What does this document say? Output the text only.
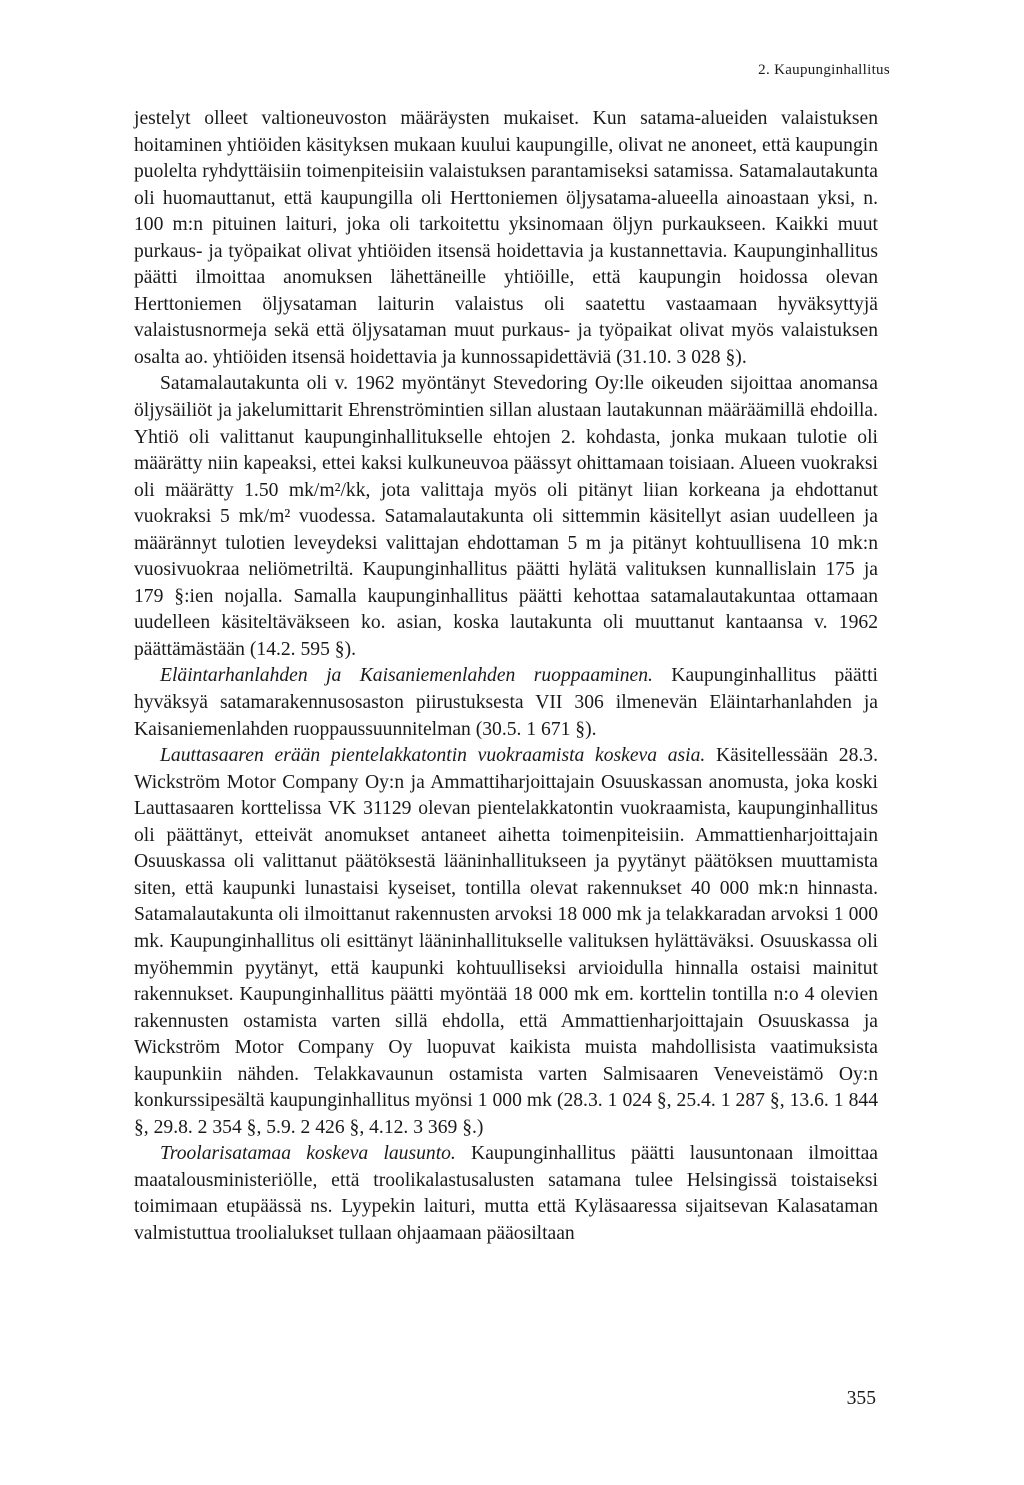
2. Kaupunginhallitus

jestelyt olleet valtioneuvoston määräysten mukaiset. Kun satama-alueiden valaistuksen hoitaminen yhtiöiden käsityksen mukaan kuului kaupungille, olivat ne anoneet, että kaupungin puolelta ryhdyttäisiin toimenpiteisiin valaistuksen parantamiseksi satamissa. Satamalautakunta oli huomauttanut, että kaupungilla oli Herttoniemen öljysatama-alueella ainoastaan yksi, n. 100 m:n pituinen laituri, joka oli tarkoitettu yksinomaan öljyn purkaukseen. Kaikki muut purkaus- ja työpaikat olivat yhtiöiden itsensä hoidettavia ja kustannettavia. Kaupunginhallitus päätti ilmoittaa anomuksen lähettäneille yhtiöille, että kaupungin hoidossa olevan Herttoniemen öljysataman laiturin valaistus oli saatettu vastaamaan hyväksyttyjä valaistusnormeja sekä että öljysataman muut purkaus- ja työpaikat olivat myös valaistuksen osalta ao. yhtiöiden itsensä hoidettavia ja kunnossapidettäviä (31.10. 3 028 §).

Satamalautakunta oli v. 1962 myöntänyt Stevedoring Oy:lle oikeuden sijoittaa anomansa öljysäiliöt ja jakelumittarit Ehrenströmintien sillan alustaan lautakunnan määräämillä ehdoilla. Yhtiö oli valittanut kaupunginhallitukselle ehtojen 2. kohdasta, jonka mukaan tulotie oli määrätty niin kapeaksi, ettei kaksi kulkuneuvoa päässyt ohittamaan toisiaan. Alueen vuokraksi oli määrätty 1.50 mk/m²/kk, jota valittaja myös oli pitänyt liian korkeana ja ehdottanut vuokraksi 5 mk/m² vuodessa. Satamalautakunta oli sittemmin käsitellyt asian uudelleen ja määrännyt tulotien leveydeksi valittajan ehdottaman 5 m ja pitänyt kohtuullisena 10 mk:n vuosivuokraa neliömetriltä. Kaupunginhallitus päätti hylätä valituksen kunnallislain 175 ja 179 §:ien nojalla. Samalla kaupunginhallitus päätti kehottaa satamalautakuntaa ottamaan uudelleen käsiteltäväkseen ko. asian, koska lautakunta oli muuttanut kantaansa v. 1962 päättämästään (14.2. 595 §).

Eläintarhanlahden ja Kaisaniemenlahden ruoppaaminen. Kaupunginhallitus päätti hyväksyä satamarakennusosaston piirustuksesta VII 306 ilmenevän Eläintarhanlahden ja Kaisaniemenlahden ruoppaussuunnitelman (30.5. 1 671 §).

Lauttasaaren erään pientelakkatontin vuokraamista koskeva asia. Käsitellessään 28.3. Wickström Motor Company Oy:n ja Ammattiharjoittajain Osuuskassan anomusta, joka koski Lauttasaaren korttelissa VK 31129 olevan pientelakkatontin vuokraamista, kaupunginhallitus oli päättänyt, etteivät anomukset antaneet aihetta toimenpiteisiin. Ammattienharjoittajain Osuuskassa oli valittanut päätöksestä lääninhallitukseen ja pyytänyt päätöksen muuttamista siten, että kaupunki lunastaisi kyseiset, tontilla olevat rakennukset 40 000 mk:n hinnasta. Satamalautakunta oli ilmoittanut rakennusten arvoksi 18 000 mk ja telakkaradan arvoksi 1 000 mk. Kaupunginhallitus oli esittänyt lääninhallitukselle valituksen hylättäväksi. Osuuskassa oli myöhemmin pyytänyt, että kaupunki kohtuulliseksi arvioidulla hinnalla ostaisi mainitut rakennukset. Kaupunginhallitus päätti myöntää 18 000 mk em. korttelin tontilla n:o 4 olevien rakennusten ostamista varten sillä ehdolla, että Ammattienharjoittajain Osuuskassa ja Wickström Motor Company Oy luopuvat kaikista muista mahdollisista vaatimuksista kaupunkiin nähden. Telakkavaunun ostamista varten Salmisaaren Veneveistämö Oy:n konkurssipesältä kaupunginhallitus myönsi 1 000 mk (28.3. 1 024 §, 25.4. 1 287 §, 13.6. 1 844 §, 29.8. 2 354 §, 5.9. 2 426 §, 4.12. 3 369 §.)

Troolarisatamaa koskeva lausunto. Kaupunginhallitus päätti lausuntonaan ilmoittaa maatalousministeriölle, että troolikalastusalusten satamana tulee Helsingissä toistaiseksi toimimaan etupäässä ns. Lyypekin laituri, mutta että Kyläsaaressa sijaitsevan Kalasataman valmistuttua troolialukset tullaan ohjaamaan pääosiltaan

355
